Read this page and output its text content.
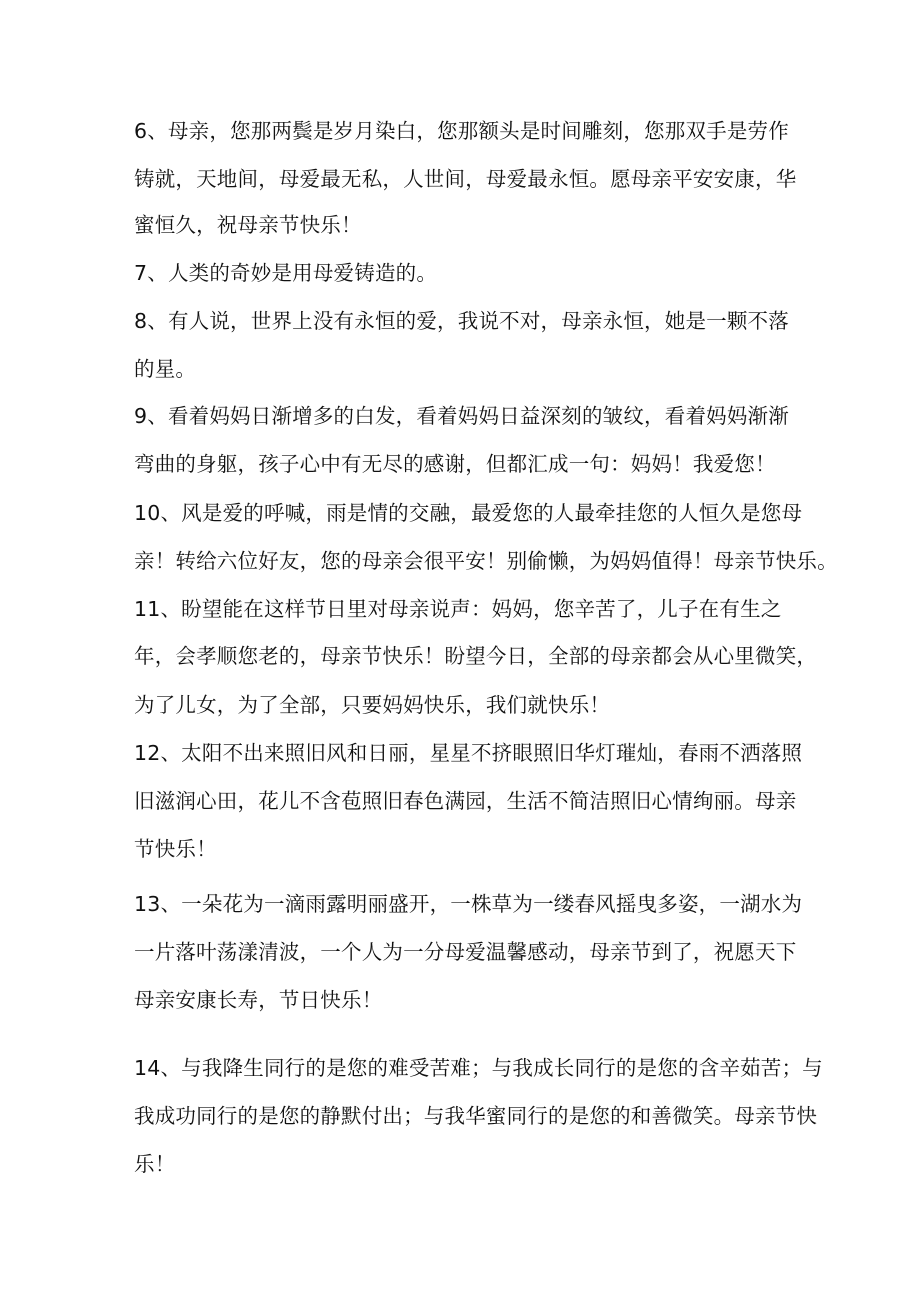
6、母亲，您那两鬓是岁月染白，您那额头是时间雕刻，您那双手是劳作
铸就，天地间，母爱最无私，人世间，母爱最永恒。愿母亲平安安康，华
蜜恒久，祝母亲节快乐！
7、人类的奇妙是用母爱铸造的。
8、有人说，世界上没有永恒的爱，我说不对，母亲永恒，她是一颗不落
的星。
9、看着妈妈日渐增多的白发，看着妈妈日益深刻的皱纹，看着妈妈渐渐
弯曲的身躯，孩子心中有无尽的感谢，但都汇成一句：妈妈！我爱您！
10、风是爱的呼喊，雨是情的交融，最爱您的人最牵挂您的人恒久是您母
亲！转给六位好友，您的母亲会很平安！别偷懒，为妈妈值得！母亲节快乐。
11、盼望能在这样节日里对母亲说声：妈妈，您辛苦了，儿子在有生之
年，会孝顺您老的，母亲节快乐！盼望今日，全部的母亲都会从心里微笑，
为了儿女，为了全部，只要妈妈快乐，我们就快乐！
12、太阳不出来照旧风和日丽，星星不挤眼照旧华灯璀灿，春雨不洒落照
旧滋润心田，花儿不含苞照旧春色满园，生活不简洁照旧心情绚丽。母亲
节快乐！
13、一朵花为一滴雨露明丽盛开，一株草为一缕春风摇曳多姿，一湖水为
一片落叶荡漾清波，一个人为一分母爱温馨感动，母亲节到了，祝愿天下
母亲安康长寿，节日快乐！
14、与我降生同行的是您的难受苦难；与我成长同行的是您的含辛茹苦；与
我成功同行的是您的静默付出；与我华蜜同行的是您的和善微笑。母亲节快
乐！
